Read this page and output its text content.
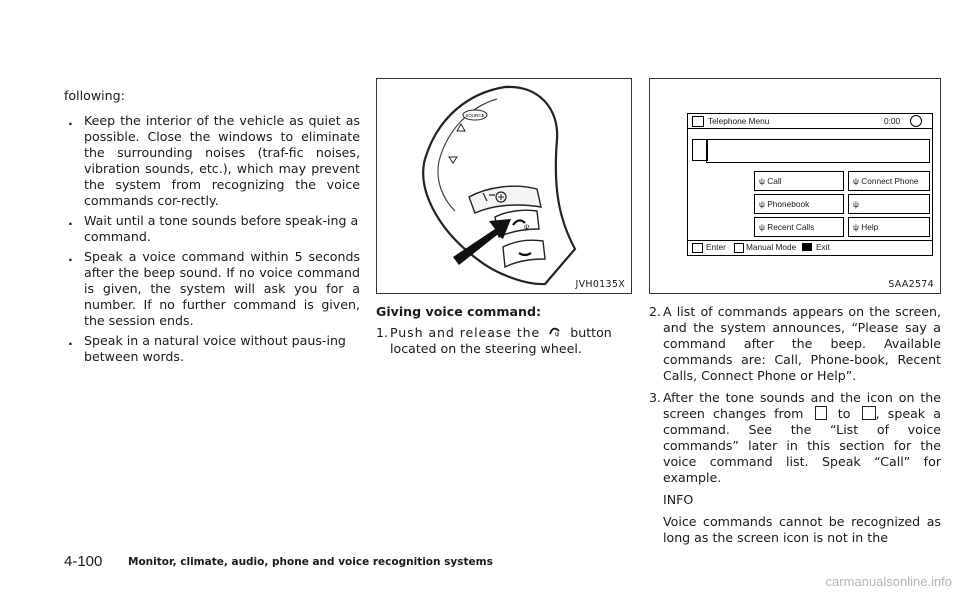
following:

. Keep the interior of the vehicle as quiet as possible. Close the windows to eliminate the surrounding noises (traf-fic noises, vibration sounds, etc.), which may prevent the system from recognizing the voice commands cor-rectly.
. Wait until a tone sounds before speak-ing a command.
. Speak a voice command within 5 seconds after the beep sound. If no voice command is given, the system will ask you for a number. If no further command is given, the session ends.
. Speak in a natural voice without paus-ing between words.
SOURCE
ψ
JVH0135X

Giving voice command:

1. Push and release the	ψ button
located on the steering wheel.
SAA2574
Telephone Menu	0:00
ψ Call	ψ Connect Phone
ψ Phonebook	ψ
ψ Recent Calls	ψ Help
Enter Manual Mode Exit
2. A list of commands appears on the screen, and the system announces, “Please say a command after the beep. Available commands are: Call, Phone-book, Recent Calls, Connect Phone or Help”.
3. After the tone sounds and the icon on the screen changes from	to , speak a command. See the “List of voice commands” later in this section for the voice command list. Speak “Call” for example.

INFO

Voice commands cannot be recognized as long as the screen icon is not in the

4-100 Monitor, climate, audio, phone and voice recognition systems
carmanualsonline.info
